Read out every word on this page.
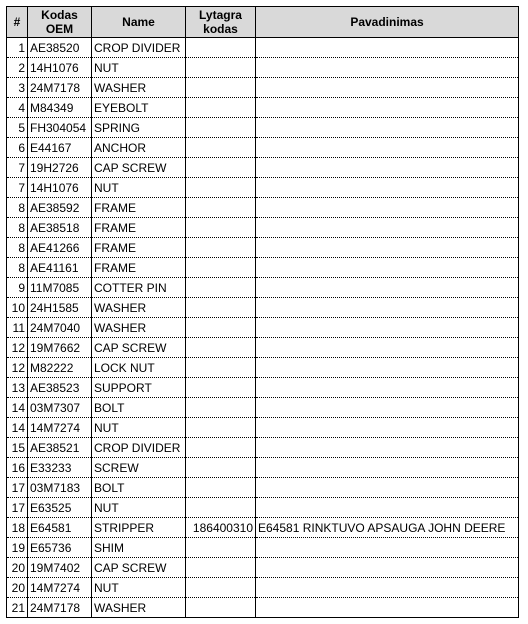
#	Kodas OEM	Name	Lytagra kodas	Pavadinimas
1	AE38520	CROP DIVIDER		
2	14H1076	NUT		
3	24M7178	WASHER		
4	M84349	EYEBOLT		
5	FH304054	SPRING		
6	E44167	ANCHOR		
7	19H2726	CAP SCREW		
7	14H1076	NUT		
8	AE38592	FRAME		
8	AE38518	FRAME		
8	AE41266	FRAME		
8	AE41161	FRAME		
9	11M7085	COTTER PIN		
10	24H1585	WASHER		
11	24M7040	WASHER		
12	19M7662	CAP SCREW		
12	M82222	LOCK NUT		
13	AE38523	SUPPORT		
14	03M7307	BOLT		
14	14M7274	NUT		
15	AE38521	CROP DIVIDER		
16	E33233	SCREW		
17	03M7183	BOLT		
17	E63525	NUT		
18	E64581	STRIPPER	186400310	E64581 RINKTUVO APSAUGA JOHN DEERE
19	E65736	SHIM		
20	19M7402	CAP SCREW		
20	14M7274	NUT		
21	24M7178	WASHER		
